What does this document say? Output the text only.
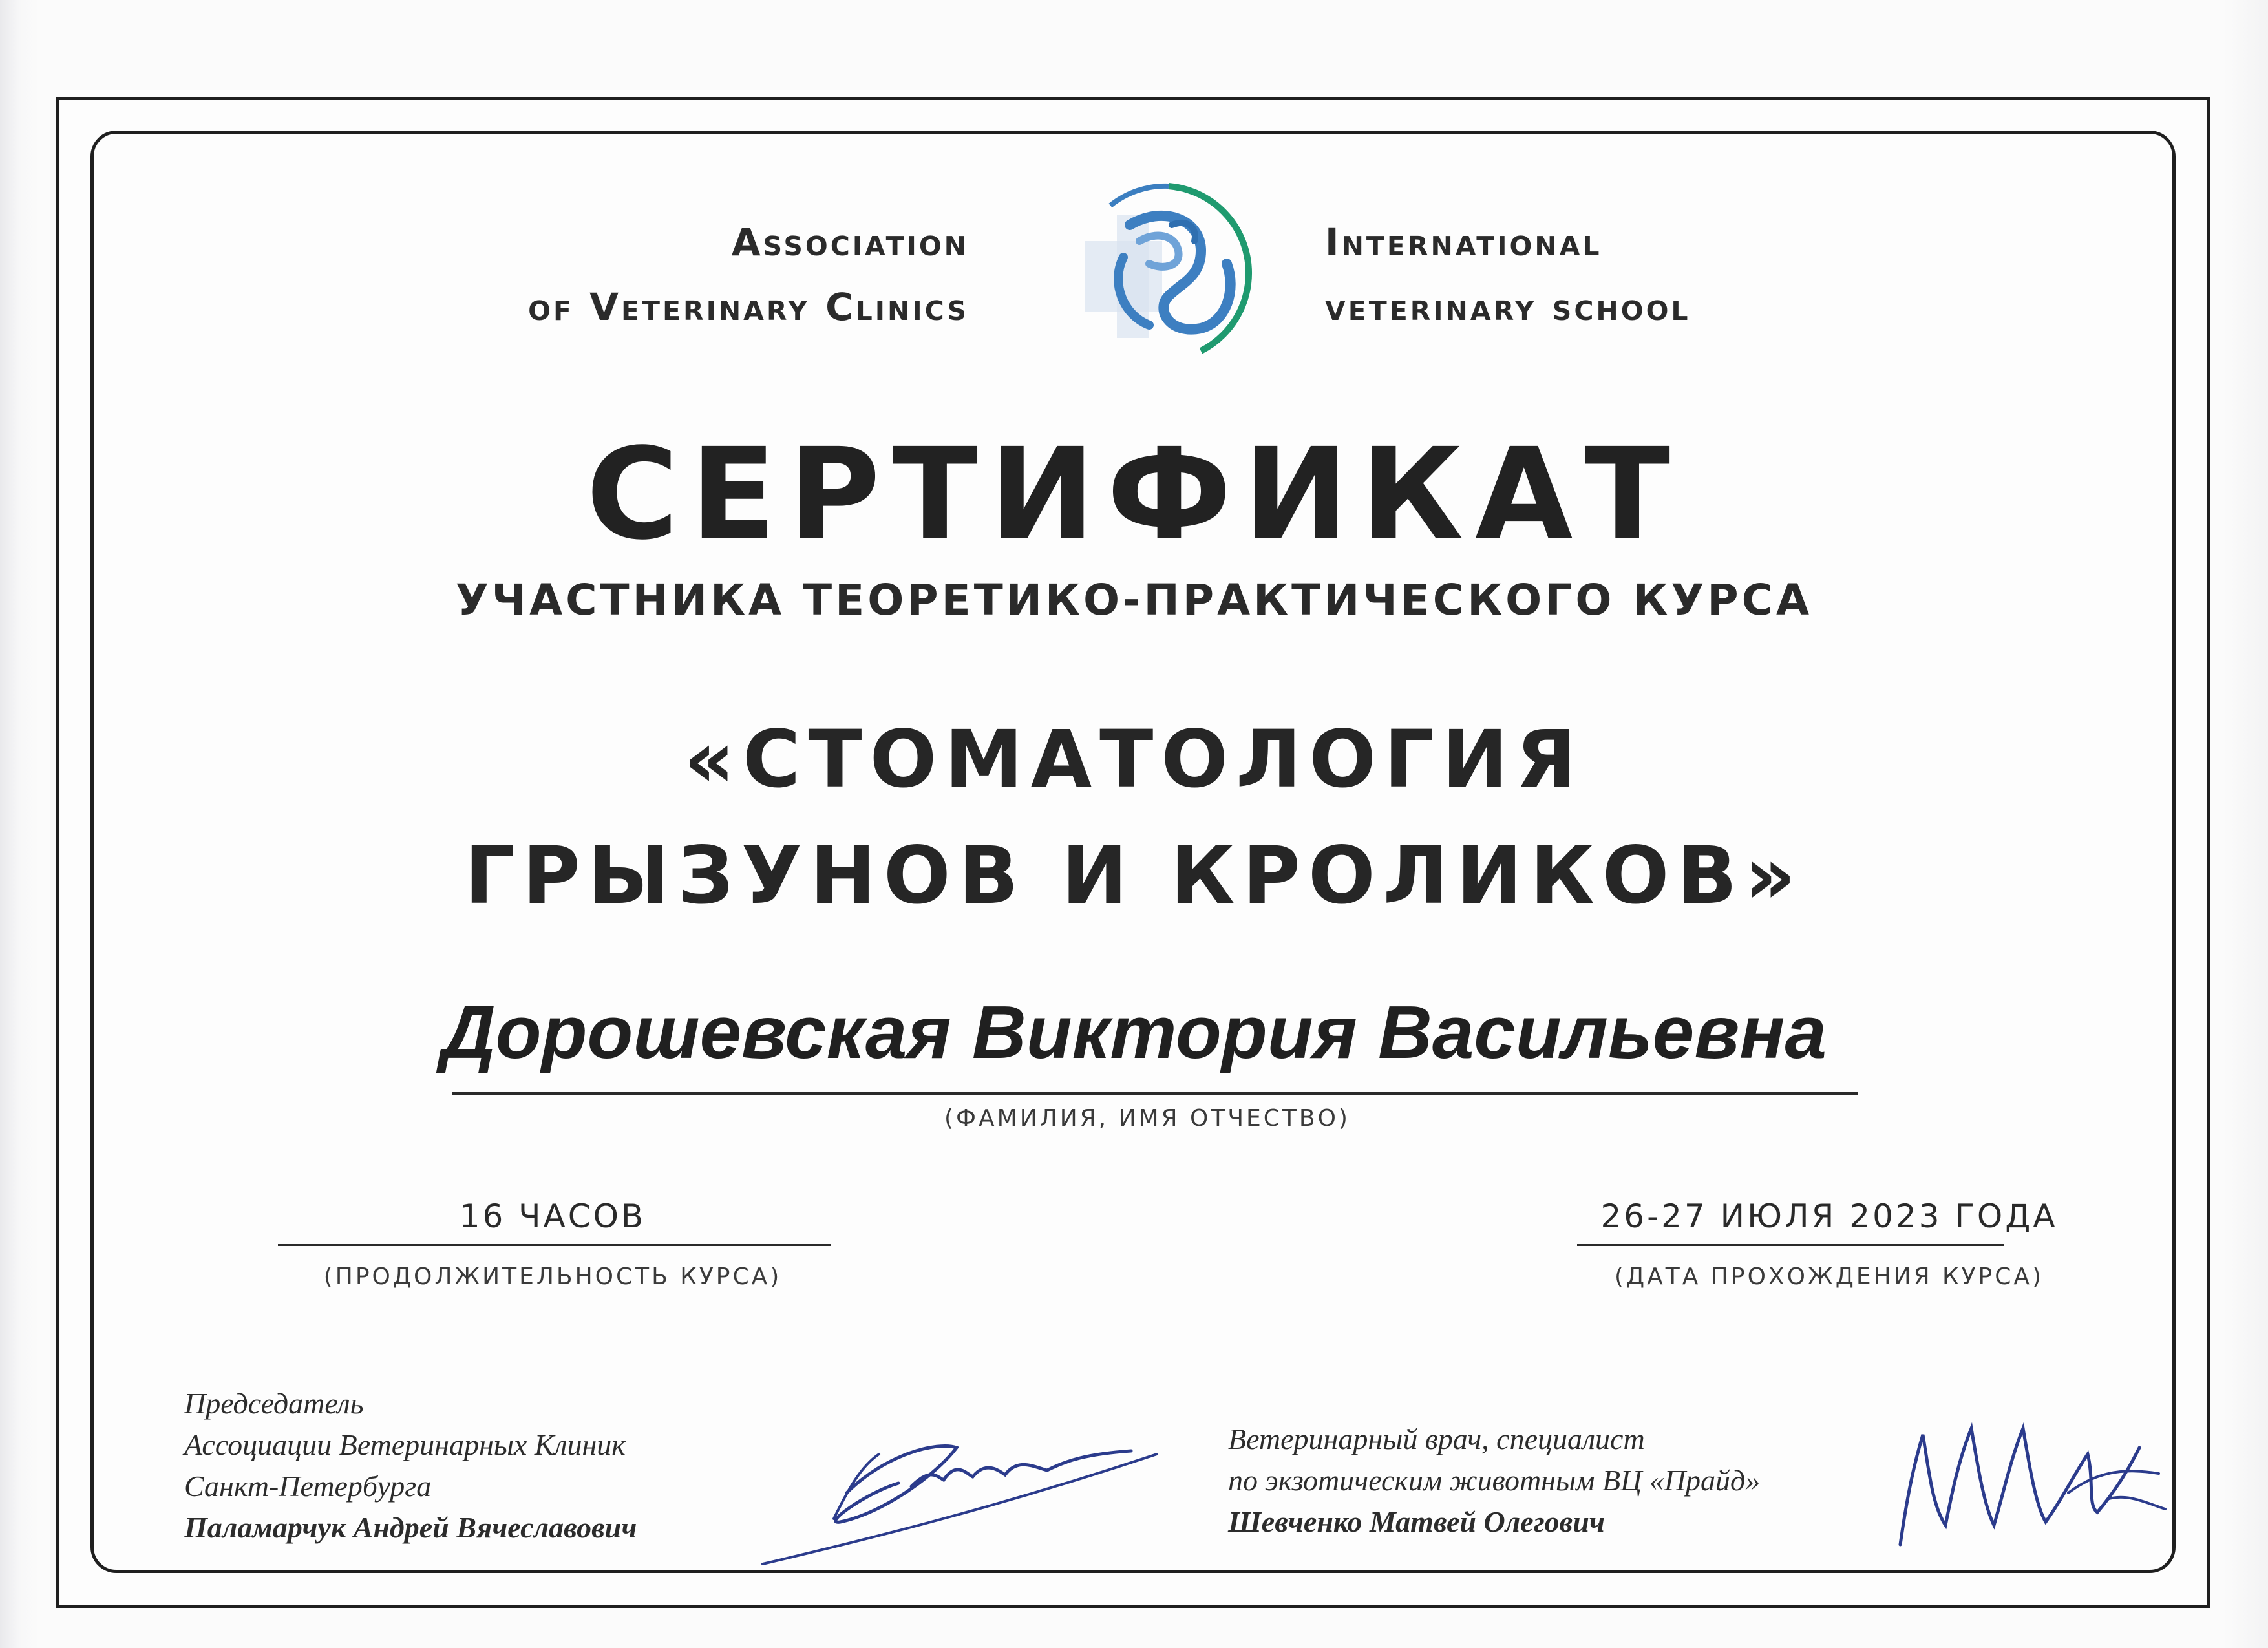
Association
of Veterinary Clinics
International
veterinary school
СЕРТИФИКАТ
УЧАСТНИКА ТЕОРЕТИКО-ПРАКТИЧЕСКОГО КУРСА
«СТОМАТОЛОГИЯ
ГРЫЗУНОВ И КРОЛИКОВ»
Дорошевская Виктория Васильевна
(ФАМИЛИЯ, ИМЯ ОТЧЕСТВО)
16 ЧАСОВ
(ПРОДОЛЖИТЕЛЬНОСТЬ КУРСА)
26-27 ИЮЛЯ 2023 ГОДА
(ДАТА ПРОХОЖДЕНИЯ КУРСА)
Председатель
Ассоциации Ветеринарных Клиник
Санкт-Петербурга
Паламарчук Андрей Вячеславович
Ветеринарный врач, специалист
по экзотическим животным ВЦ «Прайд»
Шевченко Матвей Олегович
